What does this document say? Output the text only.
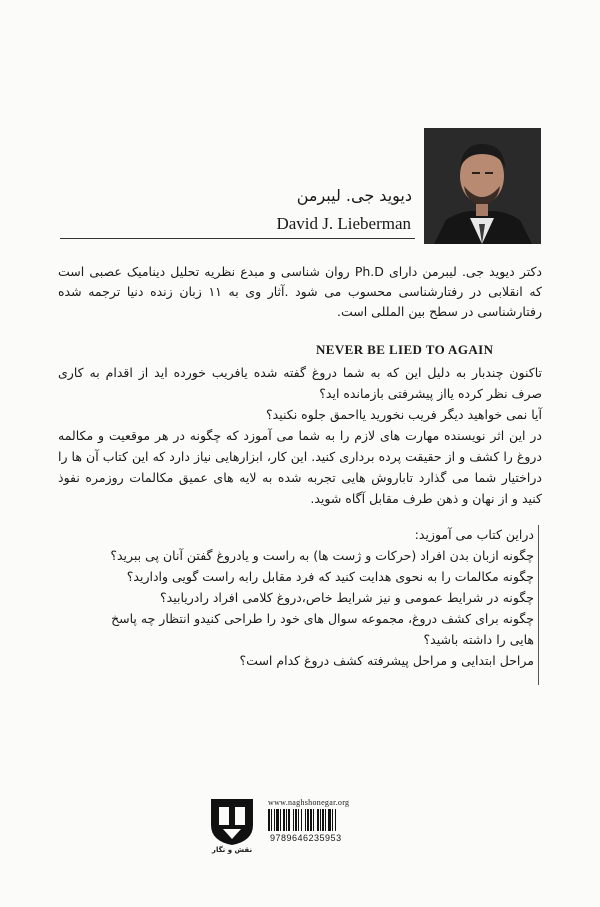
دیوید جی. لیبرمن
David J. Lieberman
دکتر دیوید جی. لیبرمن دارای Ph.D روان شناسی و مبدع نظریه تحلیل دینامیک عصبی است که انقلابی در رفتارشناسی محسوب می شود .آثار وی به ۱۱ زبان زنده دنیا ترجمه شده رفتارشناسی در سطح بین المللی است.
NEVER BE LIED TO AGAIN

تاکنون چندبار به دلیل این که به شما دروغ گفته شده یافریب خورده اید از اقدام به کاری صرف نظر کرده یااز پیشرفتی بازمانده اید؟

آیا نمی خواهید دیگر فریب نخورید یااحمق جلوه نکنید؟

در این اثر نویسنده مهارت های لازم را به شما می آموزد که چگونه در هر موقعیت و مکالمه دروغ را کشف و از حقیقت پرده برداری کنید. این کار، ابزارهایی نیاز دارد که این کتاب آن ها را دراختیار شما می گذارد تاباروش هایی تجربه شده به لایه های عمیق مکالمات روزمره نفوذ کنید و از نهان و ذهن طرف مقابل آگاه شوید.

دراین کتاب می آموزید:

چگونه ازبان بدن افراد (حرکات و ژست ها) به راست و یادروغ گفتن آنان پی ببرید؟

چگونه مکالمات را به نحوی هدایت کنید که فرد مقابل رابه راست گویی وادارید؟

چگونه در شرایط عمومی و نیز شرایط خاص،دروغ کلامی افراد رادریابید؟

چگونه برای کشف دروغ، مجموعه سوال های خود را طراحی کنیدو انتظار چه پاسخ هایی را داشته باشید؟

مراحل ابتدایی و مراحل پیشرفته کشف دروغ کدام است؟

نقش و نگار
www.naghshonegar.org
9789646235953
